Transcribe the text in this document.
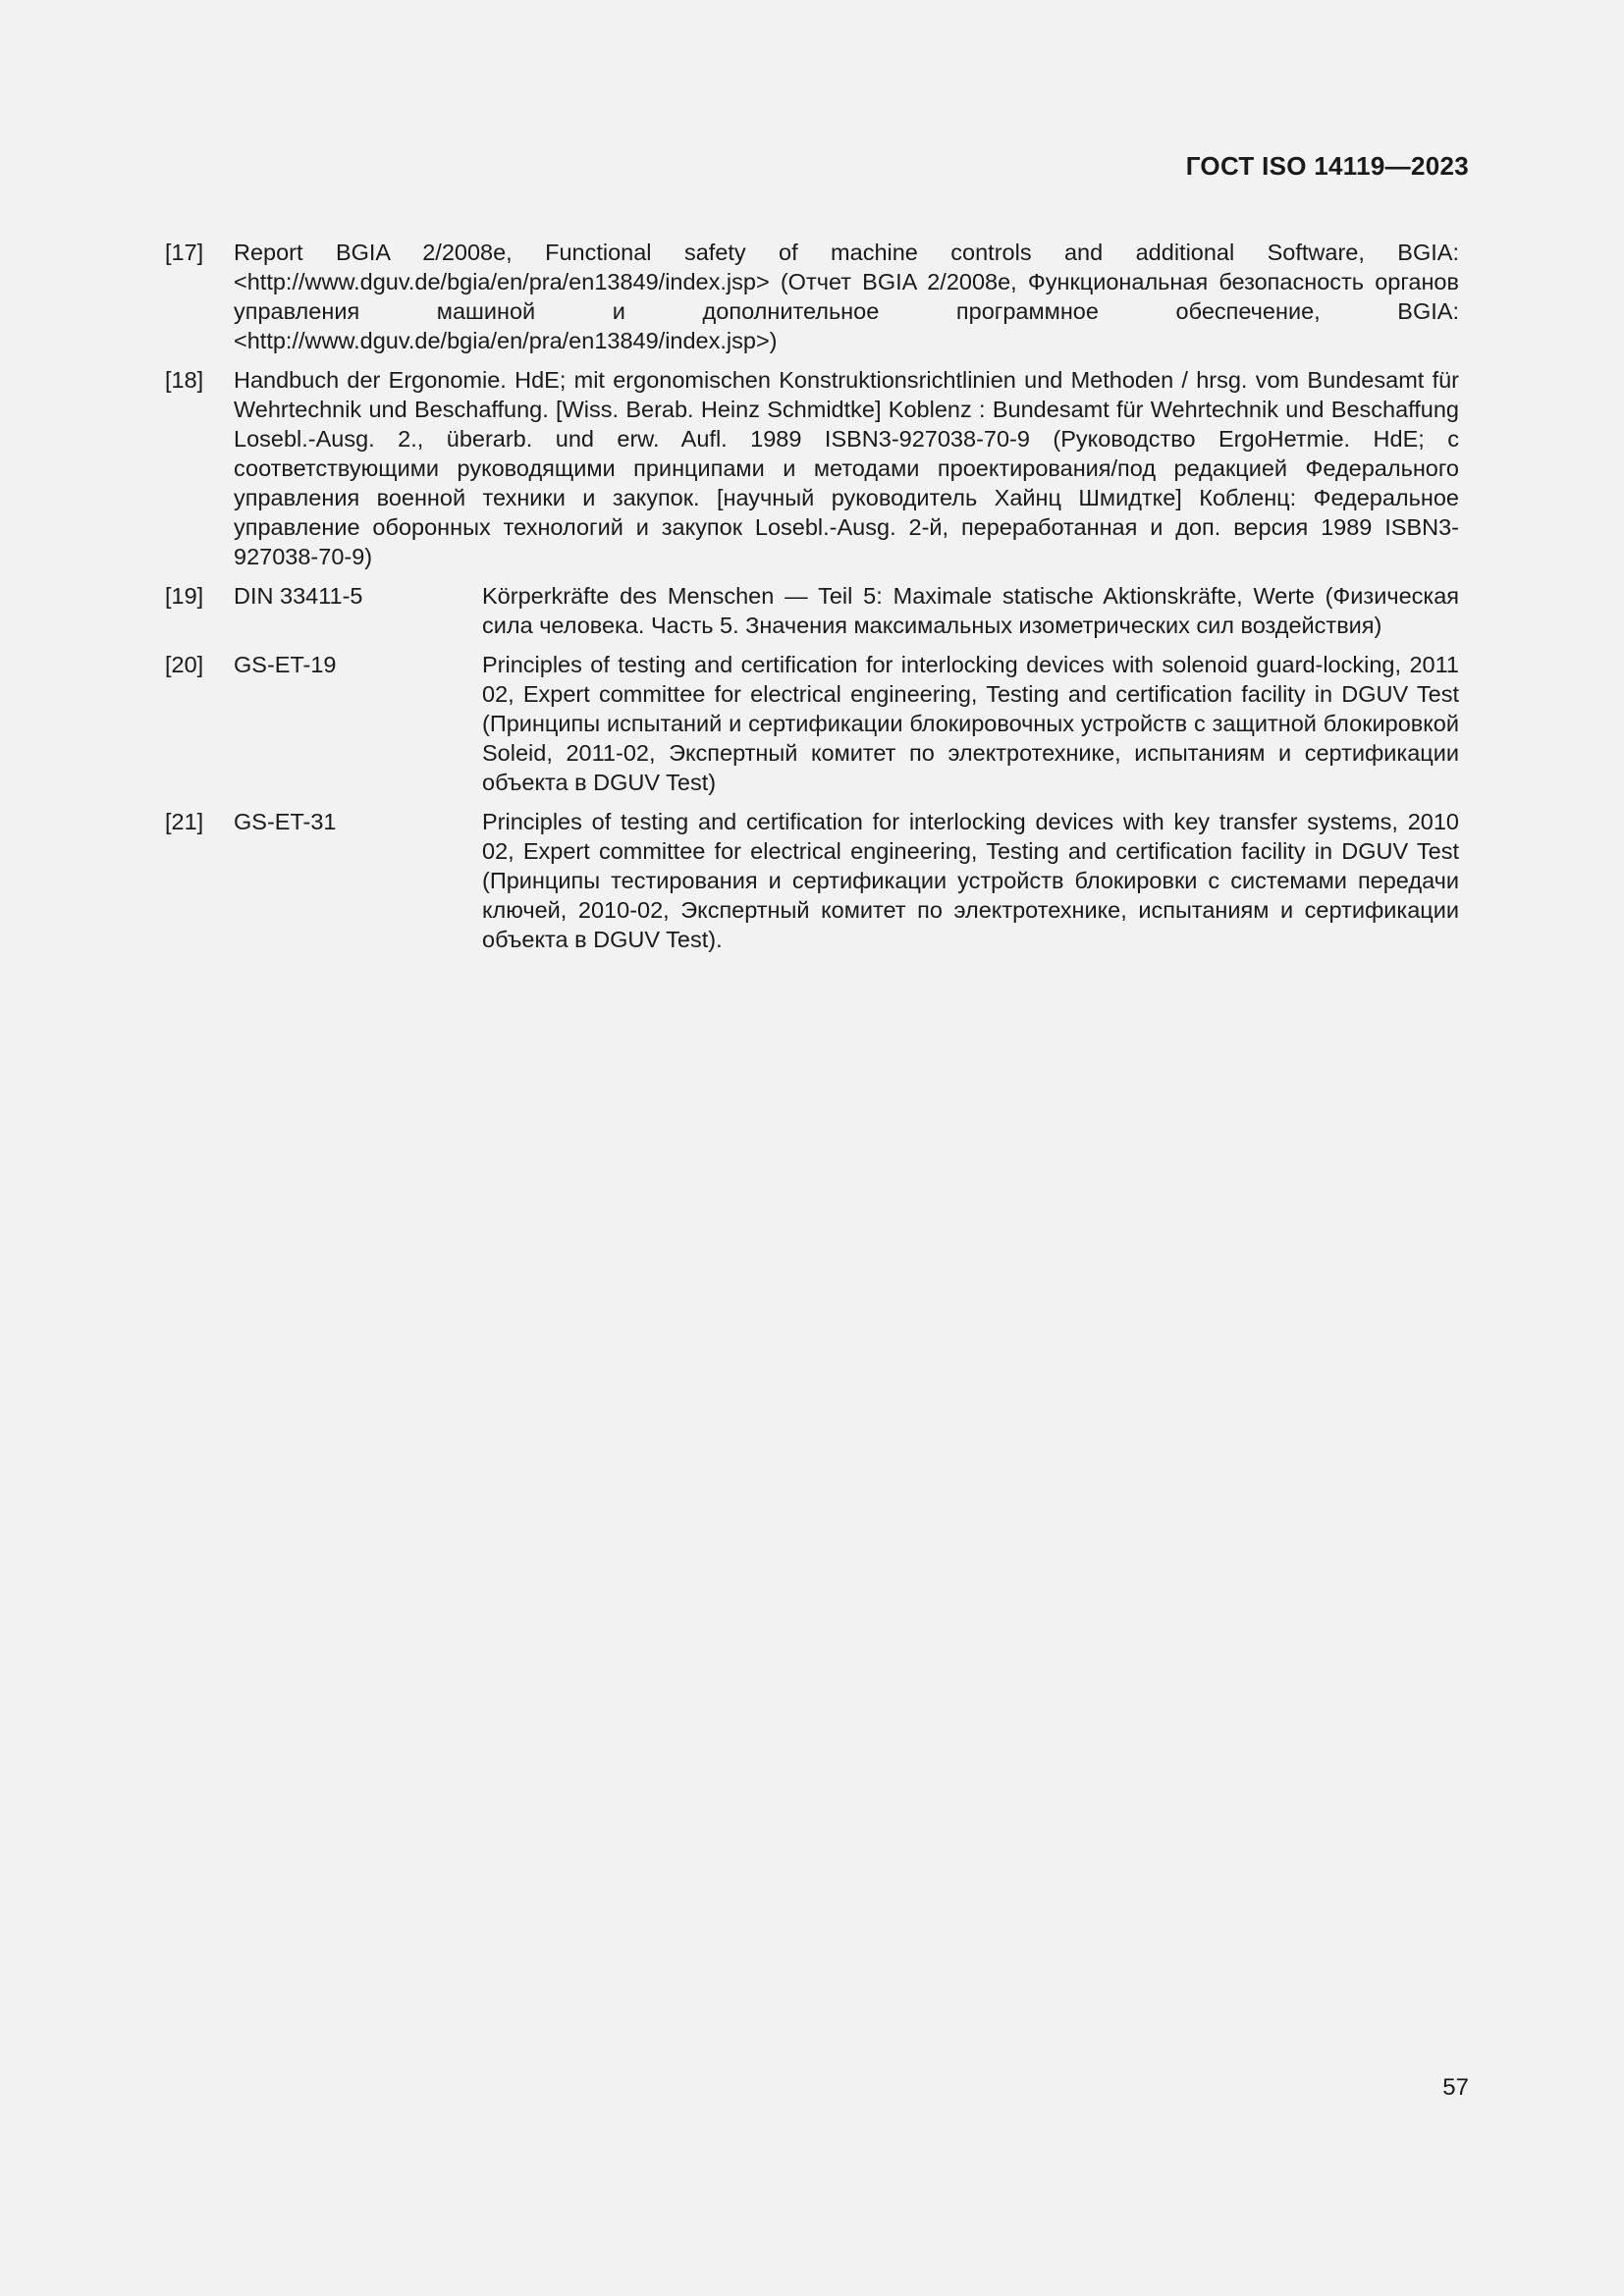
ГОСТ ISO 14119—2023
[17] Report BGIA 2/2008e, Functional safety of machine controls and additional Software, BGIA: <http://www.dguv.de/bgia/en/pra/en13849/index.jsp> (Отчет BGIA 2/2008e, Функциональная безопасность органов управления машиной и дополнительное программное обеспечение, BGIA: <http://www.dguv.de/bgia/en/pra/en13849/index.jsp>)
[18] Handbuch der Ergonomie. HdE; mit ergonomischen Konstruktionsrichtlinien und Methoden / hrsg. vom Bundesamt für Wehrtechnik und Beschaffung. [Wiss. Berab. Heinz Schmidtke] Koblenz : Bundesamt für Wehrtechnik und Beschaffung Losebl.-Ausg. 2., überarb. und erw. Aufl. 1989 ISBN3-927038-70-9 (Руководство ErgoНетmie. HdE; с соответствующими руководящими принципами и методами проектирования/под редакцией Федерального управления военной техники и закупок. [научный руководитель Хайнц Шмидтке] Кобленц: Федеральное управление оборонных технологий и закупок Losebl.-Ausg. 2-й, переработанная и доп. версия 1989 ISBN3-927038-70-9)
[19] DIN 33411-5	Körperkräfte des Menschen — Teil 5: Maximale statische Aktionskräfte, Werte (Физическая сила человека. Часть 5. Значения максимальных изометрических сил воздействия)
[20] GS-ET-19	Principles of testing and certification for interlocking devices with solenoid guard-locking, 2011 02, Expert committee for electrical engineering, Testing and certification facility in DGUV Test (Принципы испытаний и сертификации блокировочных устройств с защитной блокировкой Soleid, 2011-02, Экспертный комитет по электротехнике, испытаниям и сертификации объекта в DGUV Test)
[21] GS-ET-31	Principles of testing and certification for interlocking devices with key transfer systems, 2010 02, Expert committee for electrical engineering, Testing and certification facility in DGUV Test (Принципы тестирования и сертификации устройств блокировки с системами передачи ключей, 2010-02, Экспертный комитет по электротехнике, испытаниям и сертификации объекта в DGUV Test).
57
